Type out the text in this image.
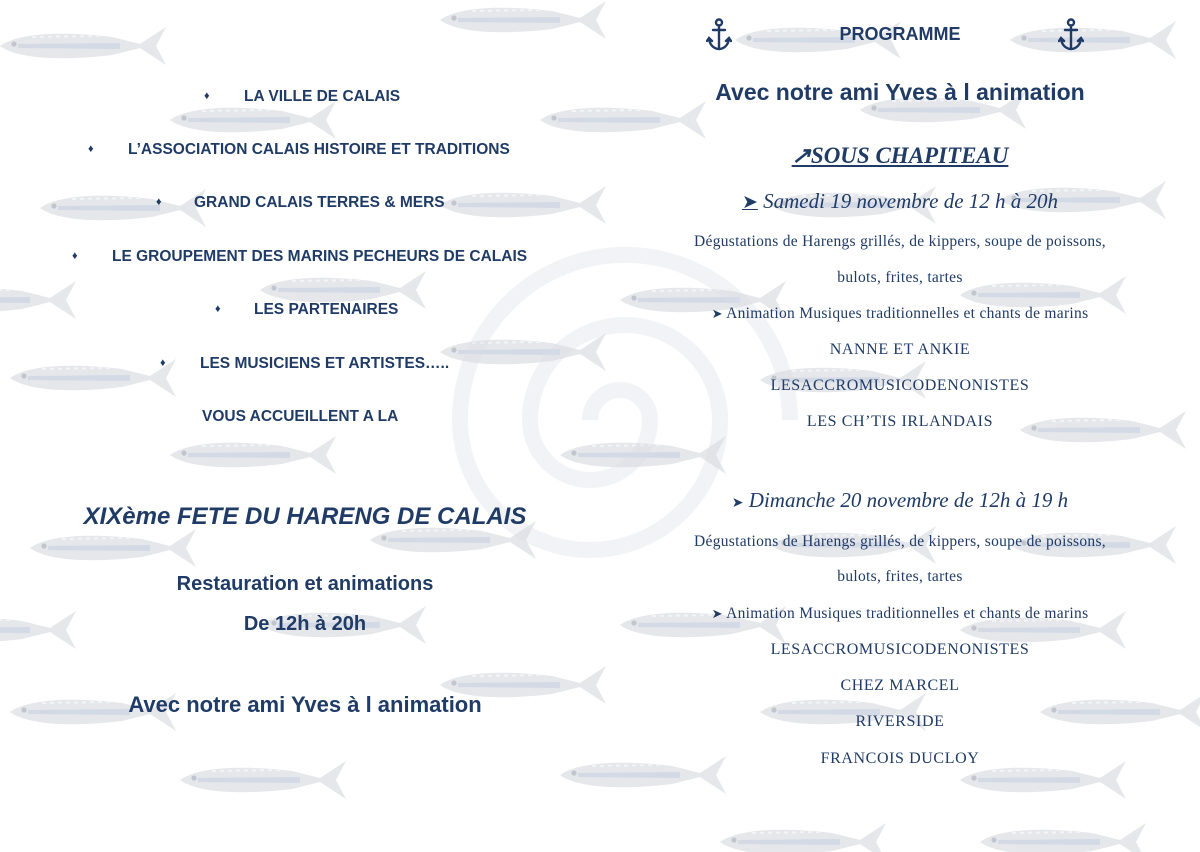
♦ LA VILLE DE CALAIS
♦ L’ASSOCIATION CALAIS HISTOIRE ET TRADITIONS
♦ GRAND CALAIS TERRES & MERS
♦ LE GROUPEMENT DES MARINS PECHEURS DE CALAIS
♦ LES PARTENAIRES
♦ LES MUSICIENS ET ARTISTES…..
VOUS ACCUEILLENT A LA
XIXème FETE DU HARENG DE CALAIS
Restauration et animations
De 12h à 20h
Avec notre ami Yves à l animation
PROGRAMME
Avec notre ami Yves à l animation
↗SOUS CHAPITEAU
➤ Samedi 19 novembre de 12 h à 20h
Dégustations de Harengs grillés, de kippers, soupe de poissons,
bulots, frites, tartes
➤ Animation Musiques traditionnelles et chants de marins
NANNE ET ANKIE
LESACCROMUSICODENONISTES
LES CH’TIS IRLANDAIS
➤ Dimanche 20 novembre de 12h à 19 h
Dégustations de Harengs grillés, de kippers, soupe de poissons,
bulots, frites, tartes
➤ Animation Musiques traditionnelles et chants de marins
LESACCROMUSICODENONISTES
CHEZ MARCEL
RIVERSIDE
FRANCOIS DUCLOY
